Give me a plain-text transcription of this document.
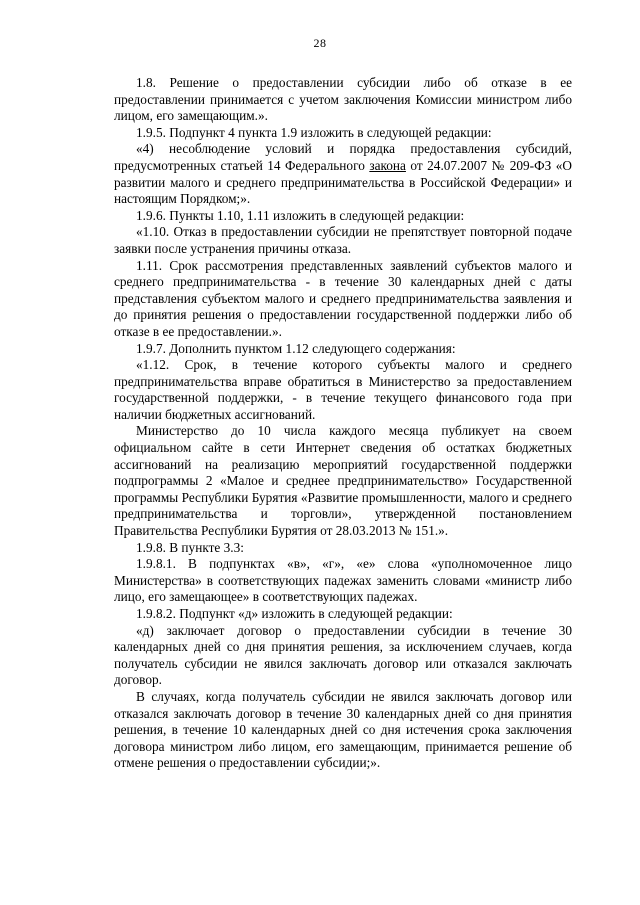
28

1.8. Решение о предоставлении субсидии либо об отказе в ее предоставлении принимается с учетом заключения Комиссии министром либо лицом, его замещающим.».

1.9.5. Подпункт 4 пункта 1.9 изложить в следующей редакции:

«4) несоблюдение условий и порядка предоставления субсидий, предусмотренных статьей 14 Федерального закона от 24.07.2007 № 209-ФЗ «О развитии малого и среднего предпринимательства в Российской Федерации» и настоящим Порядком;».

1.9.6. Пункты 1.10, 1.11 изложить в следующей редакции:

«1.10. Отказ в предоставлении субсидии не препятствует повторной подаче заявки после устранения причины отказа.

1.11. Срок рассмотрения представленных заявлений субъектов малого и среднего предпринимательства - в течение 30 календарных дней с даты представления субъектом малого и среднего предпринимательства заявления и до принятия решения о предоставлении государственной поддержки либо об отказе в ее предоставлении.».

1.9.7. Дополнить пунктом 1.12 следующего содержания:

«1.12. Срок, в течение которого субъекты малого и среднего предпринимательства вправе обратиться в Министерство за предоставлением государственной поддержки, - в течение текущего финансового года при наличии бюджетных ассигнований.

Министерство до 10 числа каждого месяца публикует на своем официальном сайте в сети Интернет сведения об остатках бюджетных ассигнований на реализацию мероприятий государственной поддержки подпрограммы 2 «Малое и среднее предпринимательство» Государственной программы Республики Бурятия «Развитие промышленности, малого и среднего предпринимательства и торговли», утвержденной постановлением Правительства Республики Бурятия от 28.03.2013 № 151.».

1.9.8. В пункте 3.3:

1.9.8.1. В подпунктах «в», «г», «е» слова «уполномоченное лицо Министерства» в соответствующих падежах заменить словами «министр либо лицо, его замещающее» в соответствующих падежах.

1.9.8.2. Подпункт «д» изложить в следующей редакции:

«д) заключает договор о предоставлении субсидии в течение 30 календарных дней со дня принятия решения, за исключением случаев, когда получатель субсидии не явился заключать договор или отказался заключать договор.

В случаях, когда получатель субсидии не явился заключать договор или отказался заключать договор в течение 30 календарных дней со дня принятия решения, в течение 10 календарных дней со дня истечения срока заключения договора министром либо лицом, его замещающим, принимается решение об отмене решения о предоставлении субсидии;».
